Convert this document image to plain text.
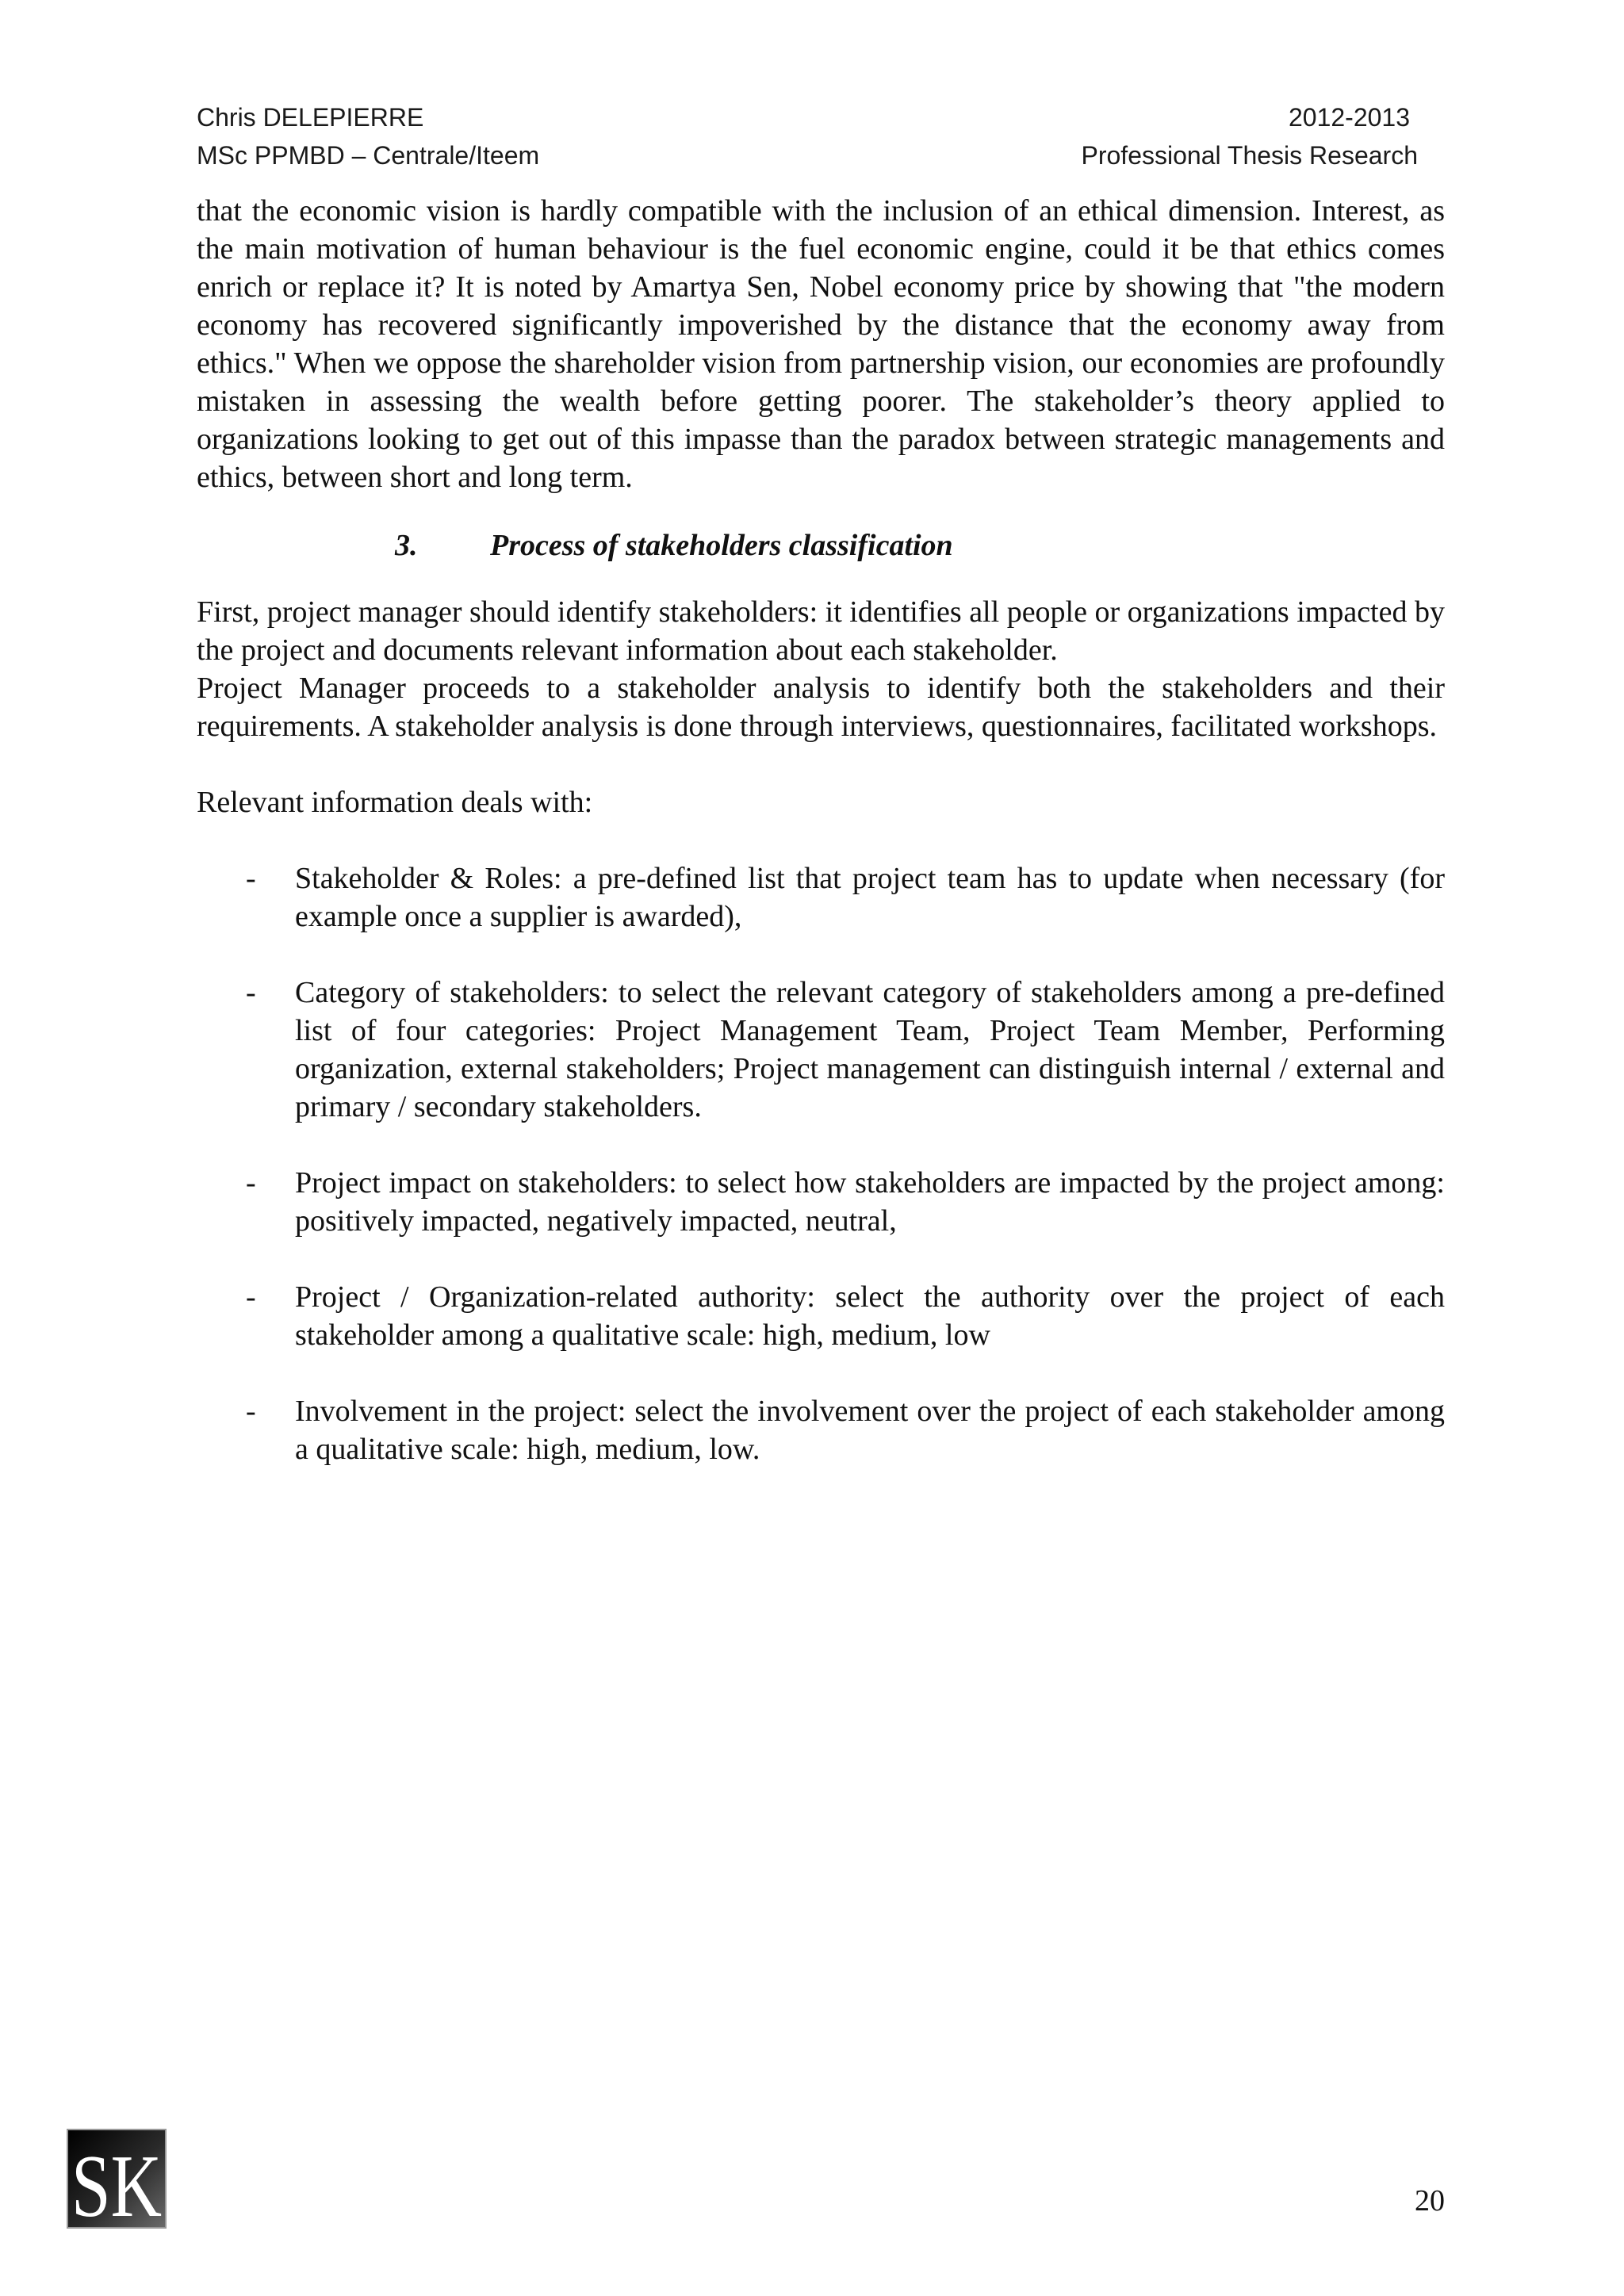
Chris DELEPIERRE	2012-2013
MSc PPMBD – Centrale/Iteem	Professional Thesis Research

that the economic vision is hardly compatible with the inclusion of an ethical dimension. Interest, as the main motivation of human behaviour is the fuel economic engine, could it be that ethics comes enrich or replace it? It is noted by Amartya Sen, Nobel economy price by showing that "the modern economy has recovered significantly impoverished by the distance that the economy away from ethics." When we oppose the shareholder vision from partnership vision, our economies are profoundly mistaken in assessing the wealth before getting poorer. The stakeholder’s theory applied to organizations looking to get out of this impasse than the paradox between strategic managements and ethics, between short and long term.

3.	Process of stakeholders classification

First, project manager should identify stakeholders: it identifies all people or organizations impacted by the project and documents relevant information about each stakeholder.

Project Manager proceeds to a stakeholder analysis to identify both the stakeholders and their requirements. A stakeholder analysis is done through interviews, questionnaires, facilitated workshops.

Relevant information deals with:

- Stakeholder & Roles: a pre-defined list that project team has to update when necessary (for example once a supplier is awarded),
- Category of stakeholders: to select the relevant category of stakeholders among a pre-defined list of four categories: Project Management Team, Project Team Member, Performing organization, external stakeholders; Project management can distinguish internal / external and primary / secondary stakeholders.
- Project impact on stakeholders: to select how stakeholders are impacted by the project among: positively impacted, negatively impacted, neutral,
- Project / Organization-related authority: select the authority over the project of each stakeholder among a qualitative scale: high, medium, low
- Involvement in the project: select the involvement over the project of each stakeholder among a qualitative scale: high, medium, low.
SK	20
